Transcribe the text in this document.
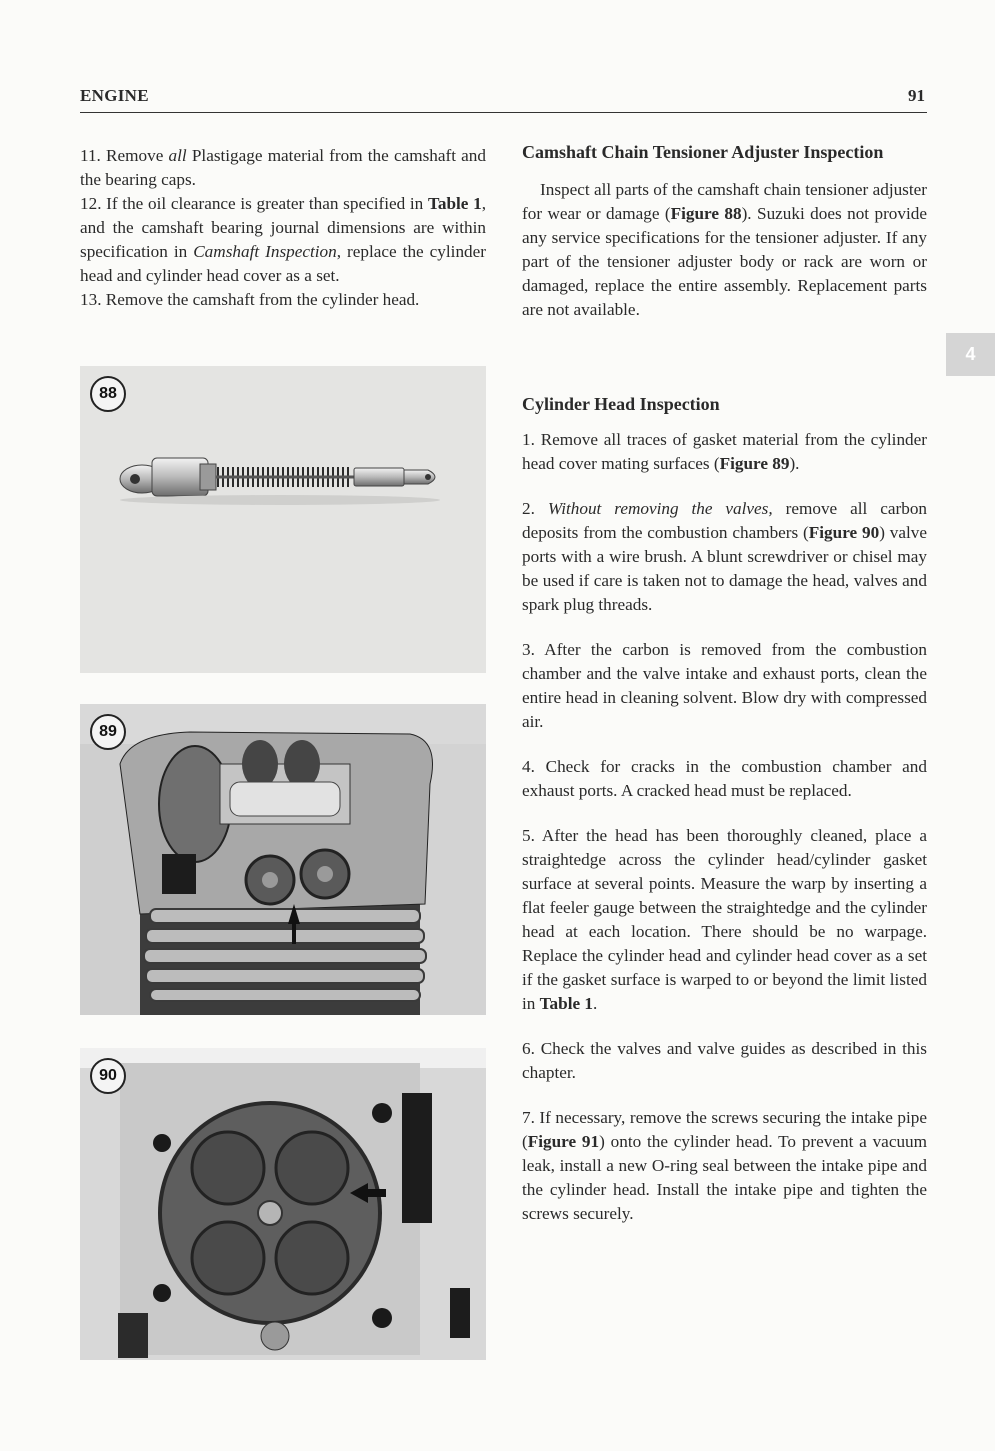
ENGINE	91

11. Remove all Plastigage material from the camshaft and the bearing caps.

12. If the oil clearance is greater than specified in Table 1, and the camshaft bearing journal dimensions are within specification in Camshaft Inspection, replace the cylinder head and cylinder head cover as a set.

13. Remove the camshaft from the cylinder head.

88
89
90
4
Camshaft Chain Tensioner Adjuster Inspection

Inspect all parts of the camshaft chain tensioner adjuster for wear or damage (Figure 88). Suzuki does not provide any service specifications for the tensioner adjuster. If any part of the tensioner adjuster body or rack are worn or damaged, replace the entire assembly. Replacement parts are not available.

Cylinder Head Inspection

1. Remove all traces of gasket material from the cylinder head cover mating surfaces (Figure 89).

2. Without removing the valves, remove all carbon deposits from the combustion chambers (Figure 90) valve ports with a wire brush. A blunt screwdriver or chisel may be used if care is taken not to damage the head, valves and spark plug threads.

3. After the carbon is removed from the combustion chamber and the valve intake and exhaust ports, clean the entire head in cleaning solvent. Blow dry with compressed air.

4. Check for cracks in the combustion chamber and exhaust ports. A cracked head must be replaced.

5. After the head has been thoroughly cleaned, place a straightedge across the cylinder head/cylinder gasket surface at several points. Measure the warp by inserting a flat feeler gauge between the straightedge and the cylinder head at each location. There should be no warpage. Replace the cylinder head and cylinder head cover as a set if the gasket surface is warped to or beyond the limit listed in Table 1.

6. Check the valves and valve guides as described in this chapter.

7. If necessary, remove the screws securing the intake pipe (Figure 91) onto the cylinder head. To prevent a vacuum leak, install a new O-ring seal between the intake pipe and the cylinder head. Install the intake pipe and tighten the screws securely.
